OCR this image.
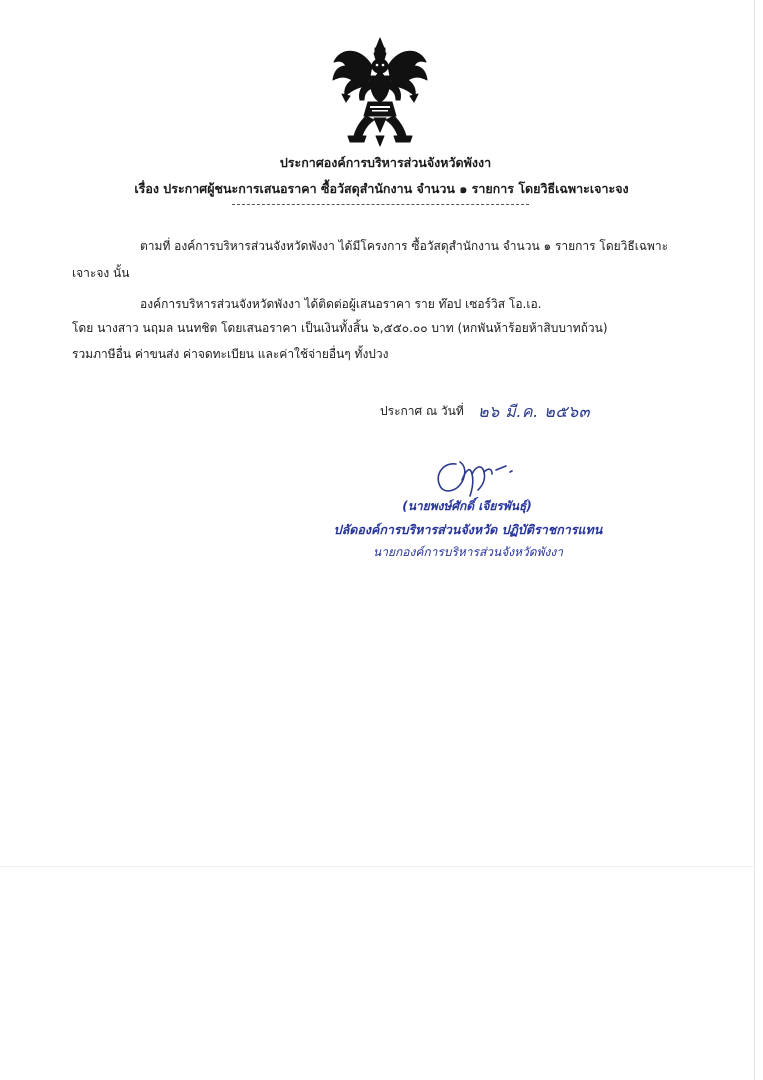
ประกาศองค์การบริหารส่วนจังหวัดพังงา
เรื่อง ประกาศผู้ชนะการเสนอราคา ซื้อวัสดุสำนักงาน จำนวน ๑ รายการ โดยวิธีเฉพาะเจาะจง
ตามที่ องค์การบริหารส่วนจังหวัดพังงา ได้มีโครงการ ซื้อวัสดุสำนักงาน จำนวน ๑ รายการ โดยวิธีเฉพาะ
เจาะจง นั้น
องค์การบริหารส่วนจังหวัดพังงา ได้ติดต่อผู้เสนอราคา ราย ท๊อป เซอร์วิส โอ.เอ.
โดย นางสาว นฤมล นนทชิต โดยเสนอราคา เป็นเงินทั้งสิ้น ๖,๕๕๐.๐๐ บาท (หกพันห้าร้อยห้าสิบบาทถ้วน)
รวมภาษีอื่น ค่าขนส่ง ค่าจดทะเบียน และค่าใช้จ่ายอื่นๆ ทั้งปวง
ประกาศ ณ วันที่ ๒๖ มี.ค. ๒๕๖๓
(นายพงษ์ศักดิ์ เจียรพันธุ์)
ปลัดองค์การบริหารส่วนจังหวัด ปฏิบัติราชการแทน
นายกองค์การบริหารส่วนจังหวัดพังงา
